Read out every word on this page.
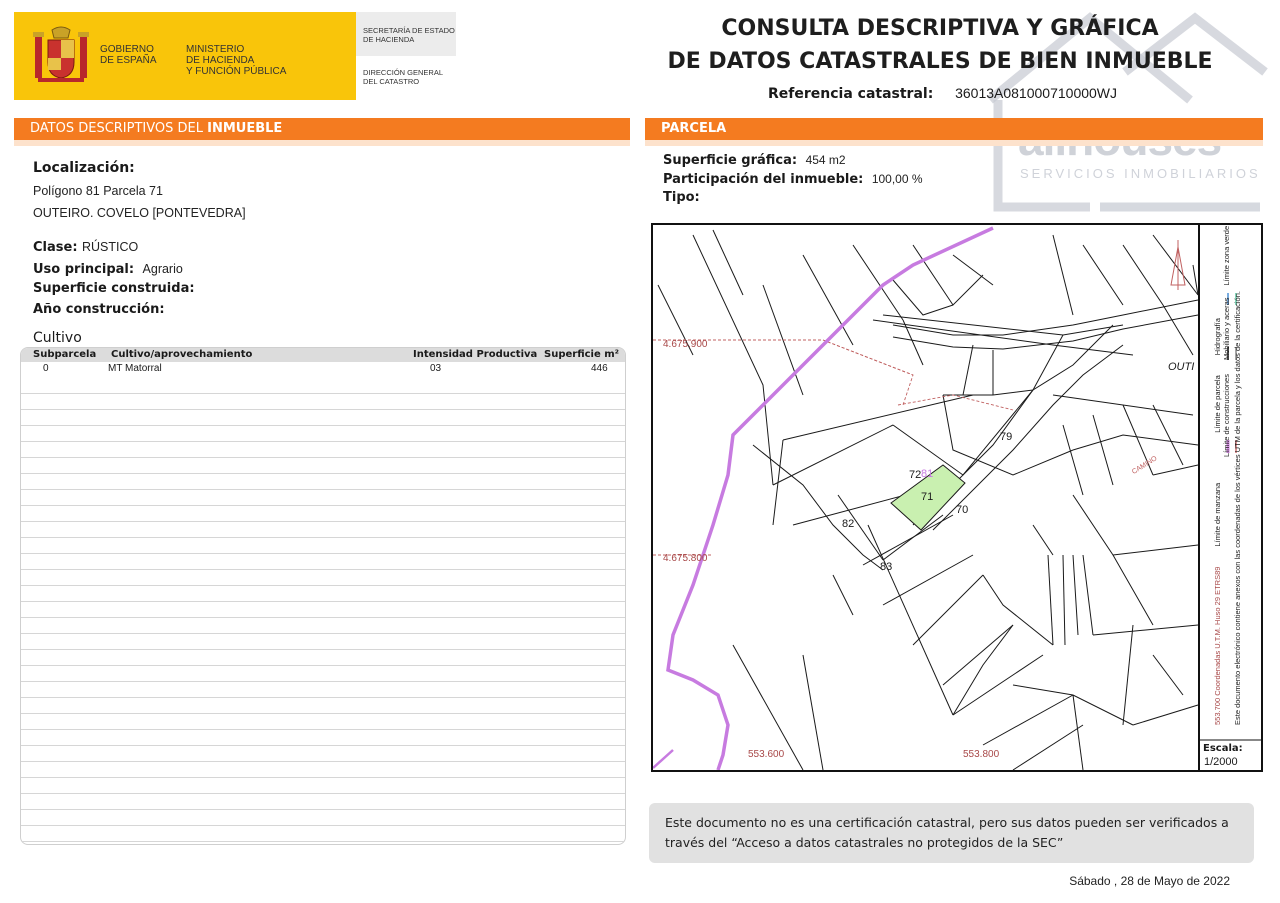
GOBIERNO
DE ESPAÑA
MINISTERIO
DE HACIENDA
Y FUNCIÓN PÚBLICA
SECRETARÍA DE ESTADO
DE HACIENDA
DIRECCIÓN GENERAL
DEL CATASTRO
SERVICIOS INMOBILIARIOS
CONSULTA DESCRIPTIVA Y GRÁFICA
DE DATOS CATASTRALES DE BIEN INMUEBLE
Referencia catastral: 36013A081000710000WJ
DATOS DESCRIPTIVOS DEL INMUEBLE
Localización:
Polígono 81 Parcela 71
OUTEIRO. COVELO [PONTEVEDRA]
Clase: RÚSTICO
Uso principal: Agrario
Superficie construida:
Año construcción:
Cultivo
Subparcela Cultivo/aprovechamiento	Intensidad Productiva Superficie m²
0	MT Matorral	03	446
PARCELA
Superficie gráfica: 454 m2
Participación del inmueble: 100,00 %
Tipo:
4.675.900
4.675.800
553.600	553.800
72 81
71
70
79
82
83
OUTI
CAMINO
553.700 Coordenadas U.T.M. Huso 29 ETRS89Límite de manzanaLímite de parcelaHidrografía
Límite de construccionesMobiliario y acerasLímite zona verde
Este documento electrónico contiene anexos con las coordenadas de los vértices UTM de la parcela y los datos de la certificación.
Escala:
1/2000
Este documento no es una certificación catastral, pero sus datos pueden ser verificados a través del “Acceso a datos catastrales no protegidos de la SEC”
Sábado , 28 de Mayo de 2022
